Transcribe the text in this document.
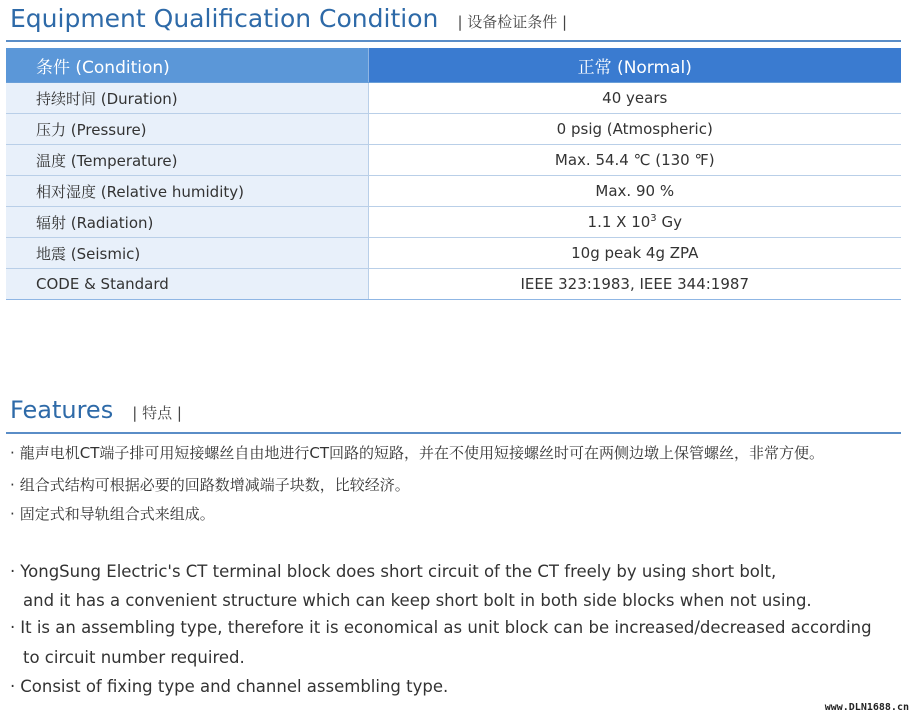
Equipment Qualification Condition | 设备检证条件 |
条件 (Condition)	正常 (Normal)
持续时间 (Duration)	40 years
压力 (Pressure)	0 psig (Atmospheric)
温度 (Temperature)	Max. 54.4 ℃ (130 ℉)
相对湿度 (Relative humidity)	Max. 90 %
辐射 (Radiation)	1.1 X $10^3$ Gy
地震 (Seismic)	10g peak 4g ZPA
CODE & Standard	IEEE 323:1983, IEEE 344:1987
Features | 特点 |
· 龍声电机CT端子排可用短接螺丝自由地进行CT回路的短路，并在不使用短接螺丝时可在两侧边墩上保管螺丝，非常方便。
· 组合式结构可根据必要的回路数增减端子块数，比较经济。
· 固定式和导轨组合式来组成。
· YongSung Electric's CT terminal block does short circuit of the CT freely by using short bolt,
and it has a convenient structure which can keep short bolt in both side blocks when not using.
· It is an assembling type, therefore it is economical as unit block can be increased/decreased according
to circuit number required.
· Consist of fixing type and channel assembling type.
www.DLN1688.cn
